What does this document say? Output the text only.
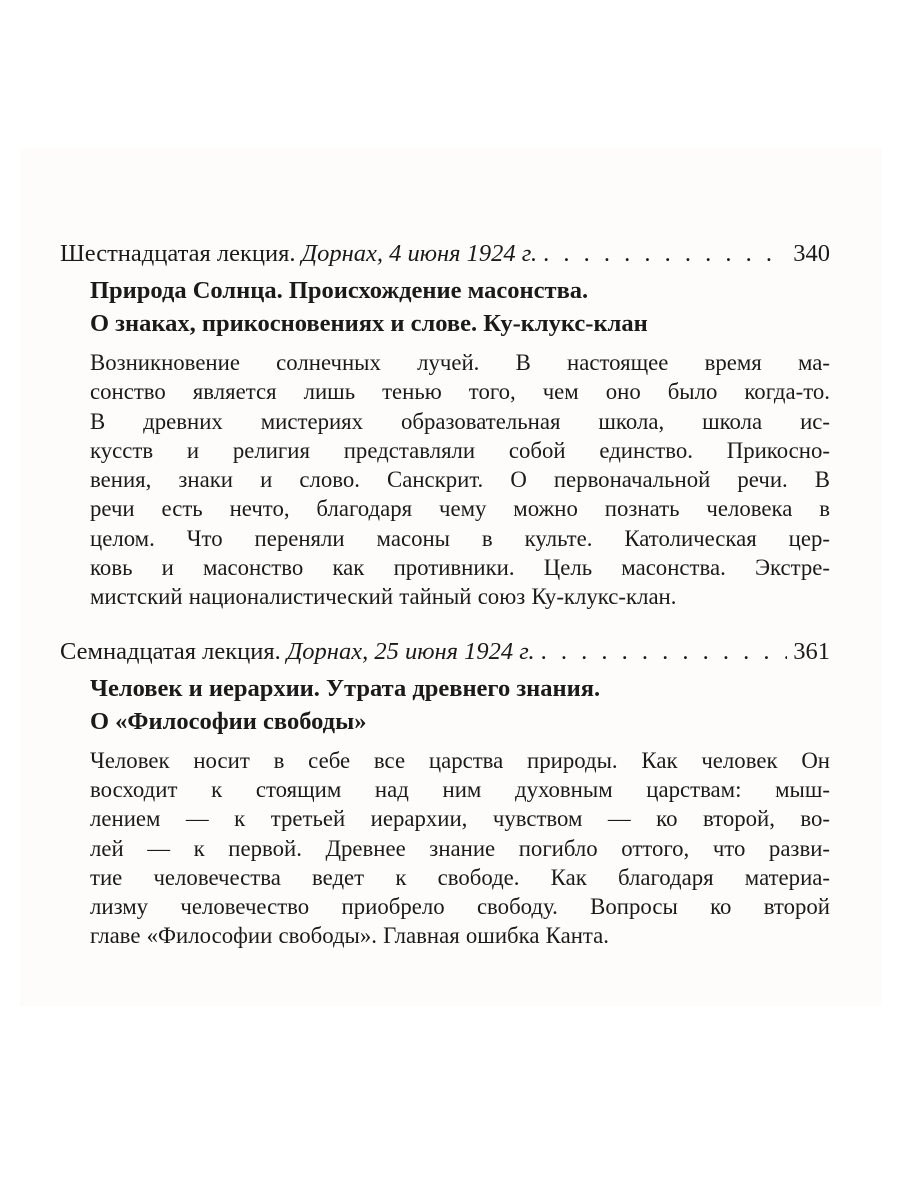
Шестнадцатая лекция. Дорнах, 4 июня 1924 г. . . .	340
Природа Солнца. Происхождение масонства.
О знаках, прикосновениях и слове. Ку-клукс-клан
Возникновение солнечных лучей. В настоящее время ма-
сонство является лишь тенью того, чем оно было когда-то.
В древних мистериях образовательная школа, школа ис-
кусств и религия представляли собой единство. Прикосно-
вения, знаки и слово. Санскрит. О первоначальной речи. В
речи есть нечто, благодаря чему можно познать человека в
целом. Что переняли масоны в культе. Католическая цер-
ковь и масонство как противники. Цель масонства. Экстре-
мистский националистический тайный союз Ку-клукс-клан.
Семнадцатая лекция. Дорнах, 25 июня 1924 г. . . .	361
Человек и иерархии. Утрата древнего знания.
О «Философии свободы»
Человек носит в себе все царства природы. Как человек Он
восходит к стоящим над ним духовным царствам: мыш-
лением — к третьей иерархии, чувством — ко второй, во-
лей — к первой. Древнее знание погибло оттого, что разви-
тие человечества ведет к свободе. Как благодаря материа-
лизму человечество приобрело свободу. Вопросы ко второй
главе «Философии свободы». Главная ошибка Канта.
